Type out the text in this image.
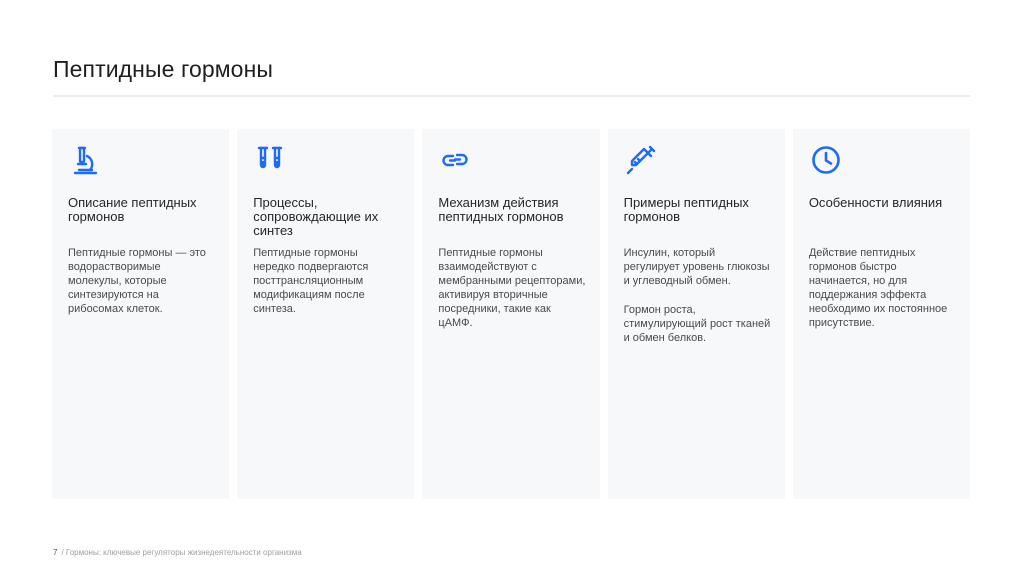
Пептидные гормоны
Описание пептидных гормонов

Пептидные гормоны — это водорастворимые молекулы, которые синтезируются на рибосомах клеток.

Процессы, сопровождающие их синтез

Пептидные гормоны нередко подвергаются посттрансляционным модификациям после синтеза.

Механизм действия пептидных гормонов

Пептидные гормоны взаимодействуют с мембранными рецепторами, активируя вторичные посредники, такие как цАМФ.

Примеры пептидных гормонов

Инсулин, который регулирует уровень глюкозы и углеводный обмен.

Гормон роста, стимулирующий рост тканей и обмен белков.

Особенности влияния

Действие пептидных гормонов быстро начинается, но для поддержания эффекта необходимо их постоянное присутствие.

7 / Гормоны: ключевые регуляторы жизнедеятельности организма
